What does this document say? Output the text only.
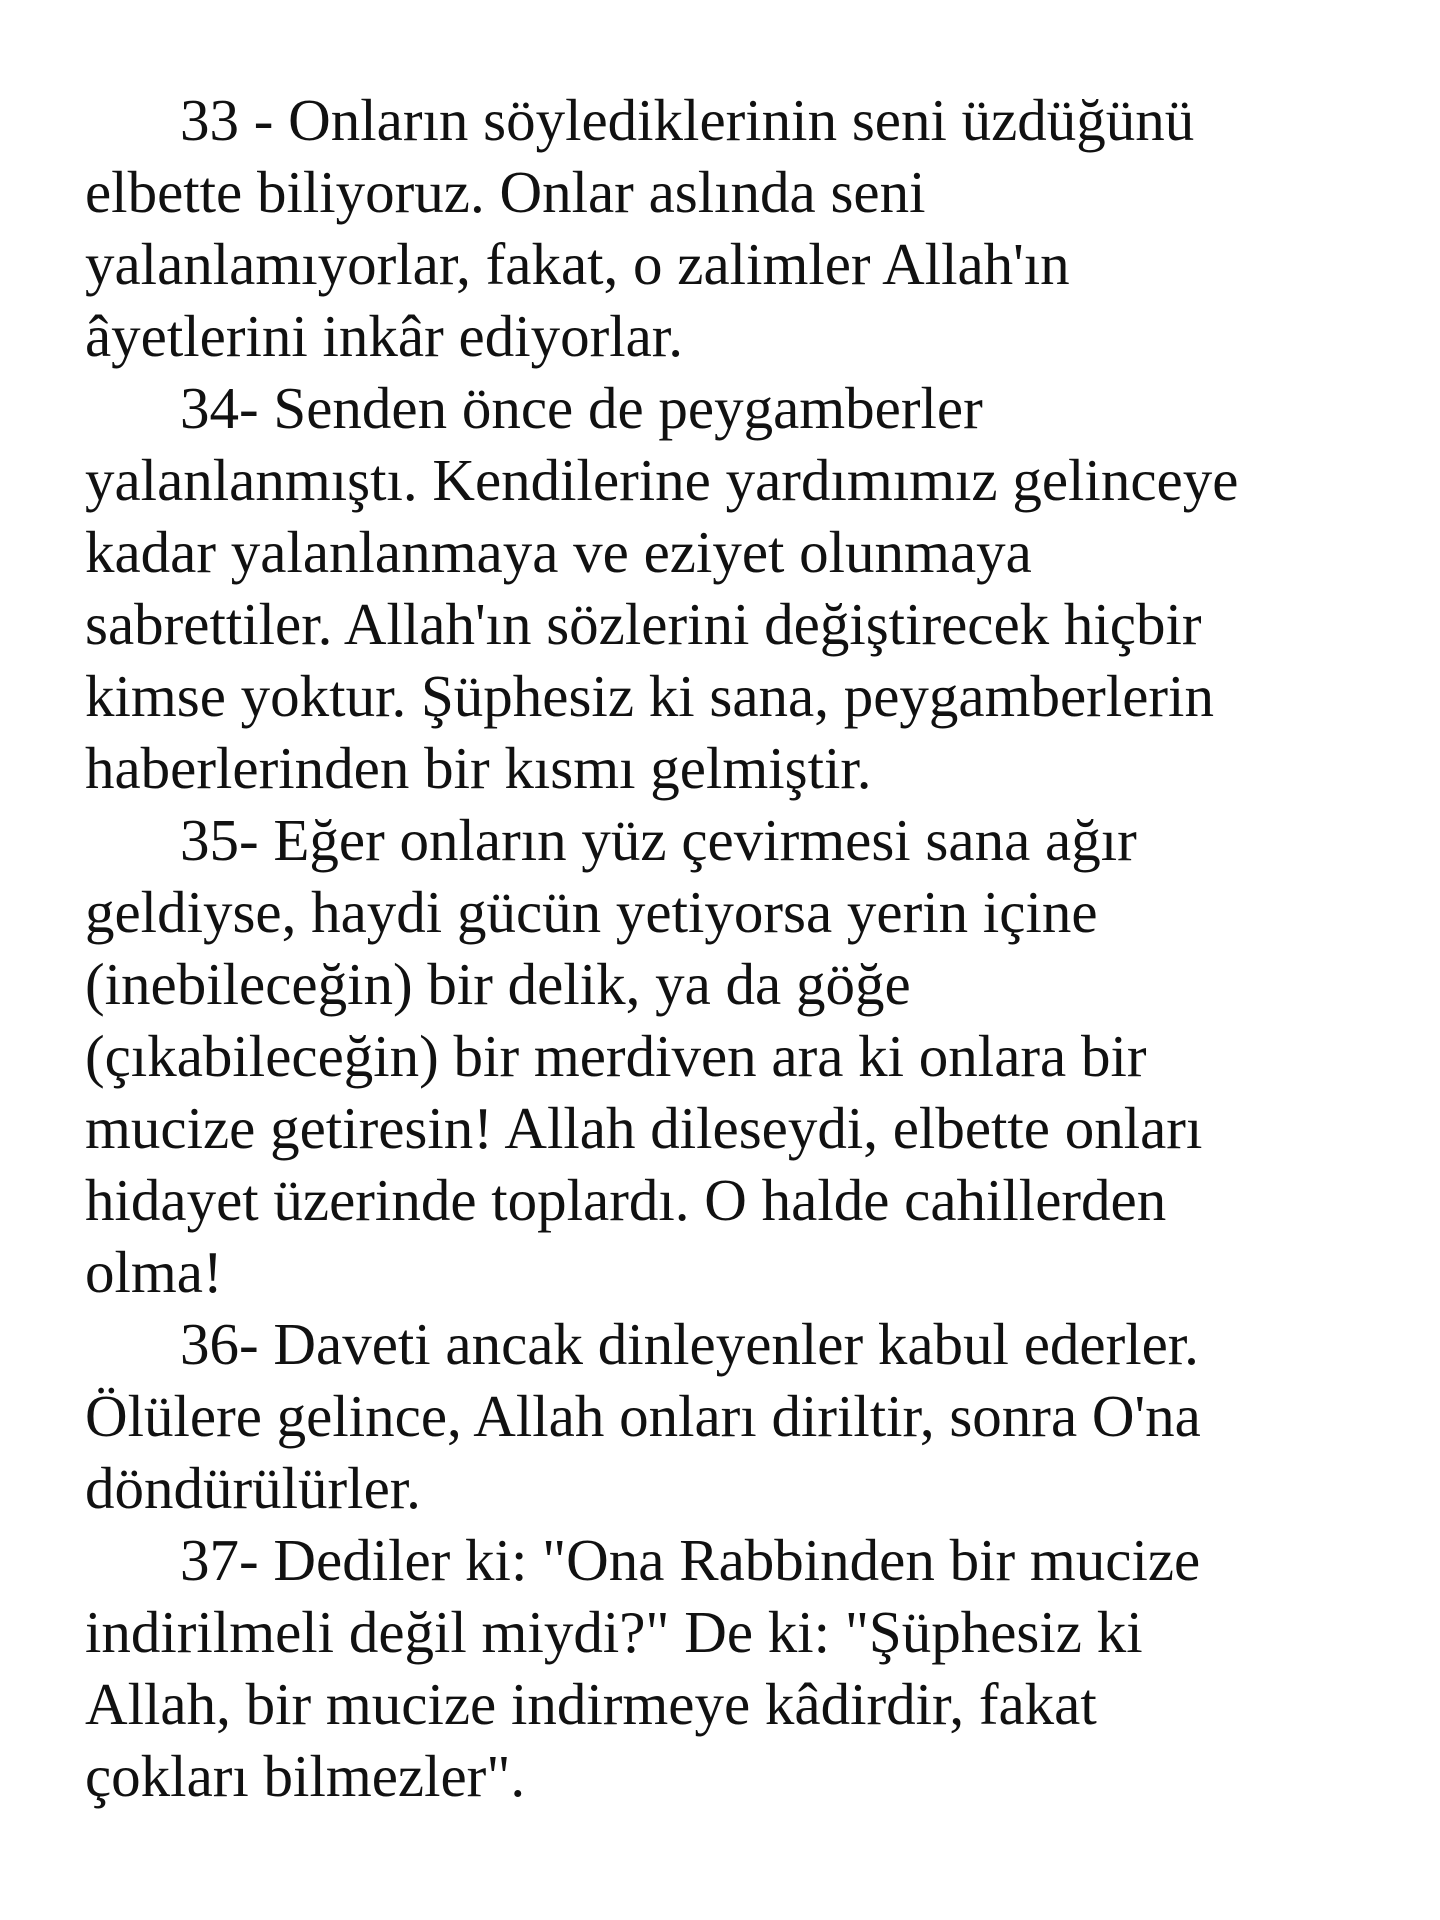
33 - Onların söylediklerinin seni üzdüğünü
elbette biliyoruz. Onlar aslında seni
yalanlamıyorlar, fakat, o zalimler Allah'ın
âyetlerini inkâr ediyorlar.
34- Senden önce de peygamberler
yalanlanmıştı. Kendilerine yardımımız gelinceye
kadar yalanlanmaya ve eziyet olunmaya
sabrettiler. Allah'ın sözlerini değiştirecek hiçbir
kimse yoktur. Şüphesiz ki sana, peygamberlerin
haberlerinden bir kısmı gelmiştir.
35- Eğer onların yüz çevirmesi sana ağır
geldiyse, haydi gücün yetiyorsa yerin içine
(inebileceğin) bir delik, ya da göğe
(çıkabileceğin) bir merdiven ara ki onlara bir
mucize getiresin! Allah dileseydi, elbette onları
hidayet üzerinde toplardı. O halde cahillerden
olma!
36- Daveti ancak dinleyenler kabul ederler.
Ölülere gelince, Allah onları diriltir, sonra O'na
döndürülürler.
37- Dediler ki: "Ona Rabbinden bir mucize
indirilmeli değil miydi?" De ki: "Şüphesiz ki
Allah, bir mucize indirmeye kâdirdir, fakat
çokları bilmezler".
